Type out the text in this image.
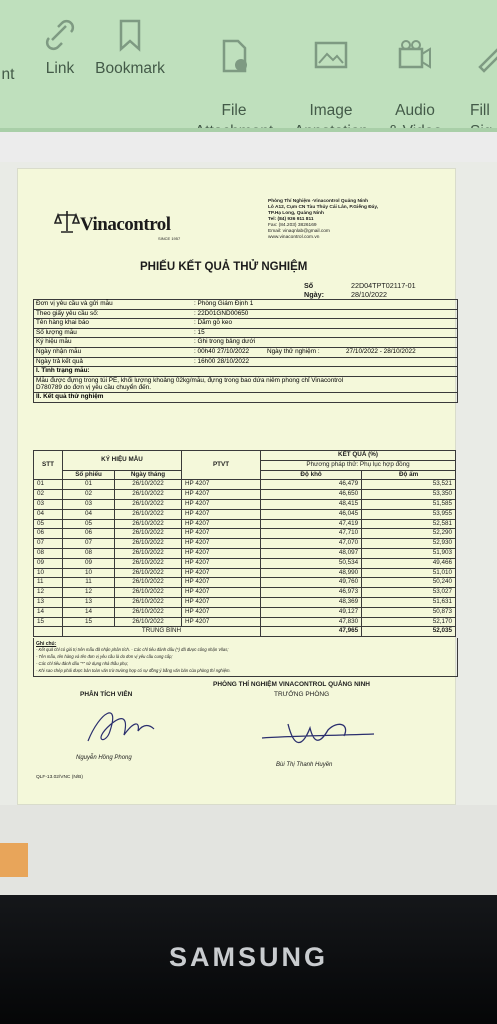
nt	Link	Bookmark

File	Image	Audio	Fill

Phòng Thí Nghiệm -Vinacontrol Quảng Ninh
Lô A12, Cụm CN Tàu Thủy Cái Lân, P.Giếng Đáy,
TP.Hạ Long, Quảng Ninh
Tel: (84) 936 911 811
Fax: (84.203) 3826169
Email: vinaqnlab@gmail.com
www.vinacontrol.com.vn
Vinacontrol
SINCE 1957
PHIẾU KẾT QUẢ THỬ NGHIỆM
Số	22D04TPT02117-01
Ngày:	28/10/2022
Đơn vị yêu cầu và gửi mẫu	: Phòng Giám Định 1
Theo giấy yêu cầu số:	: 22D01GND00650
Tên hàng khai báo	: Dăm gỗ keo
Số lượng mẫu	: 15
Ký hiệu mẫu	: Ghi trong bảng dưới
Ngày nhận mẫu	: 00h40 27/10/2022	Ngày thử nghiệm :	27/10/2022 - 28/10/2022
Ngày trả kết quả	: 16h00 28/10/2022
I. Tình trạng mẫu:
Mẫu được đựng trong túi PE, khối lượng khoảng 02kg/mẫu, đựng trong bao dứa niêm phong chỉ Vinacontrol
D780789 do đơn vị yêu cầu chuyển đến.
II. Kết quả thử nghiệm
STT	KÝ HIỆU MẪU		PTVT	KẾT QUẢ (%)	
				Phương pháp thử: Phụ lục hợp đồng	
	Số phiếu	Ngày tháng		Độ khô	Độ ẩm
01	01	26/10/2022	HP 4207	46,479	53,521
02	02	26/10/2022	HP 4207	46,650	53,350
03	03	26/10/2022	HP 4207	48,415	51,585
04	04	26/10/2022	HP 4207	46,045	53,955
05	05	26/10/2022	HP 4207	47,419	52,581
06	06	26/10/2022	HP 4207	47,710	52,290
07	07	26/10/2022	HP 4207	47,070	52,930
08	08	26/10/2022	HP 4207	48,097	51,903
09	09	26/10/2022	HP 4207	50,534	49,466
10	10	26/10/2022	HP 4207	48,990	51,010
11	11	26/10/2022	HP 4207	49,760	50,240
12	12	26/10/2022	HP 4207	46,973	53,027
13	13	26/10/2022	HP 4207	48,369	51,631
14	14	26/10/2022	HP 4207	49,127	50,873
15	15	26/10/2022	HP 4207	47,830	52,170
	TRUNG BÌNH			47,965	52,035
Ghi chú:
- Kết quả chỉ có giá trị trên mẫu đã nhận phân tích. - Các chỉ tiêu đánh dấu (*) đã được công nhận Vilas;
- Tên mẫu, tên hàng và tên đơn vị yêu cầu là do đơn vị yêu cầu cung cấp;
- Các chỉ tiêu đánh dấu "*" sử dụng nhà thầu phụ;
- Khi sao chép phải được bản toàn văn trừ trường hợp có sự đồng ý bằng văn bản của phòng thí nghiệm.
PHÒNG THÍ NGHIỆM VINACONTROL QUẢNG NINH
PHÂN TÍCH VIÊN	TRƯỞNG PHÒNG
Nguyễn Hồng Phong
Bùi Thị Thanh Huyền
QLF-13.02/VNC (N/B)
SAMSUNG
